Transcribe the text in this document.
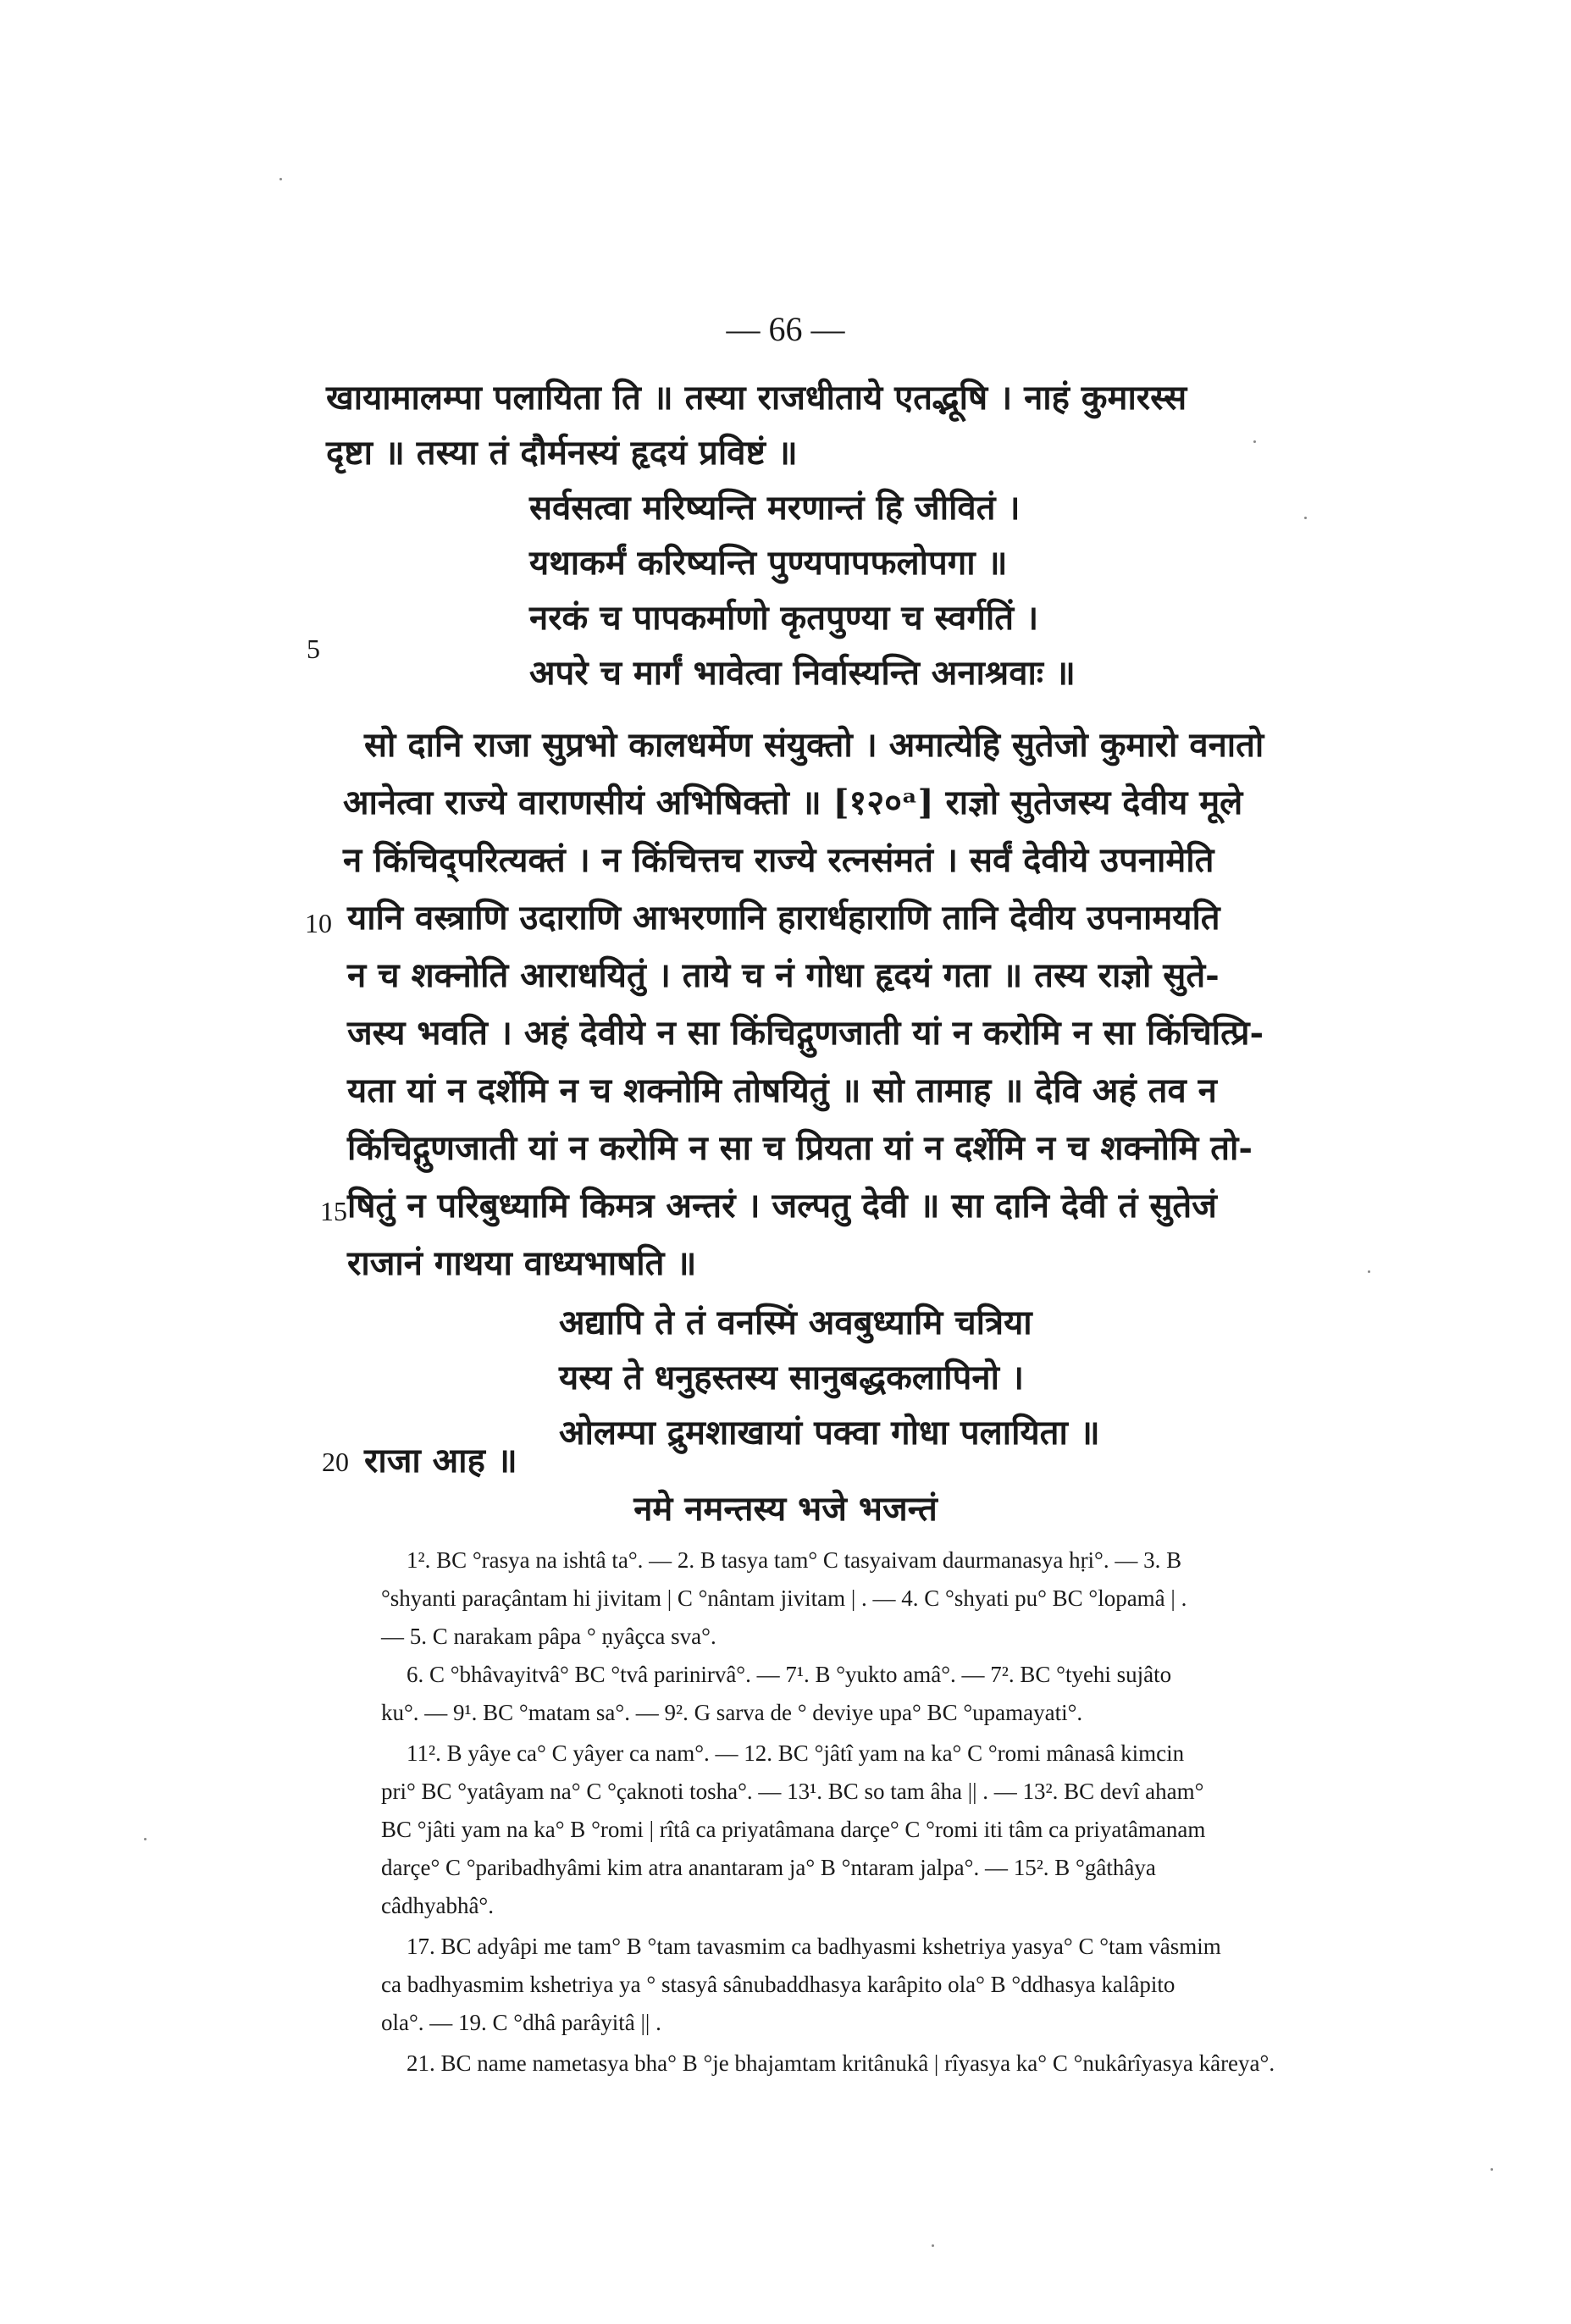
— 66 —
खायामालम्पा पलायिता ति ॥ तस्या राजधीताये एतद्भूषि । नाहं कुमारस्स
दृष्टा ॥ तस्या तं दौर्मनस्यं हृदयं प्रविष्टं ॥
सर्वसत्वा मरिष्यन्ति मरणान्तं हि जीवितं ।
यथाकर्मं करिष्यन्ति पुण्यपापफलोपगा ॥
नरकं च पापकर्माणो कृतपुण्या च स्वर्गतिं ।
अपरे च मार्गं भावेत्वा निर्वास्यन्ति अनाश्रवाः ॥
सो दानि राजा सुप्रभो कालधर्मेण संयुक्तो । अमात्येहि सुतेजो कुमारो वनातो
आनेत्वा राज्ये वाराणसीयं अभिषिक्तो ॥ [१२०ᵃ] राज्ञो सुतेजस्य देवीय मूले
न किंचिद्परित्यक्तं । न किंचित्तच राज्ये रत्नसंमतं । सर्वं देवीये उपनामेति
यानि वस्त्राणि उदाराणि आभरणानि हारार्धहाराणि तानि देवीय उपनामयति
न च शक्नोति आराधयितुं । ताये च नं गोधा हृदयं गता ॥ तस्य राज्ञो सुते-
जस्य भवति । अहं देवीये न सा किंचिद्गुणजाती यां न करोमि न सा किंचित्प्रि-
यता यां न दर्शेमि न च शक्नोमि तोषयितुं ॥ सो तामाह ॥ देवि अहं तव न
किंचिद्गुणजाती यां न करोमि न सा च प्रियता यां न दर्शेमि न च शक्नोमि तो-
षितुं न परिबुध्यामि किमत्र अन्तरं । जल्पतु देवी ॥ सा दानि देवी तं सुतेजं
राजानं गाथया वाध्यभाषति ॥
अद्यापि ते तं वनस्मिं अवबुध्यामि चत्रिया
यस्य ते धनुहस्तस्य सानुबद्धकलापिनो ।
ओलम्पा द्रुमशाखायां पक्वा गोधा पलायिता ॥
राजा आह ॥
5
10
15
20
नमे नमन्तस्य भजे भजन्तं
1². BC °rasya na ishtâ ta°. — 2. B tasya tam° C tasyaivam daurmanasya hṛi°. — 3. B
°shyanti paraçântam hi jivitam | C °nântam jivitam | . — 4. C °shyati pu° BC °lopamâ | .
— 5. C narakam pâpa ° ṇyâçca sva°.
6. C °bhâvayitvâ° BC °tvâ parinirvâ°. — 7¹. B °yukto amâ°. — 7². BC °tyehi sujâto
ku°. — 9¹. BC °matam sa°. — 9². G sarva de ° deviye upa° BC °upamayati°.
11². B yâye ca° C yâyer ca nam°. — 12. BC °jâtî yam na ka° C °romi mânasâ kimcin
pri° BC °yatâyam na° C °çaknoti tosha°. — 13¹. BC so tam âha || . — 13². BC devî aham°
BC °jâti yam na ka° B °romi | rîtâ ca priyatâmana darçe° C °romi iti tâm ca priyatâmanam
darçe° C °paribadhyâmi kim atra anantaram ja° B °ntaram jalpa°. — 15². B °gâthâya
câdhyabhâ°.
17. BC adyâpi me tam° B °tam tavasmim ca badhyasmi kshetriya yasya° C °tam vâsmim
ca badhyasmim kshetriya ya ° stasyâ sânubaddhasya karâpito ola° B °ddhasya kalâpito
ola°. — 19. C °dhâ parâyitâ || .
21. BC name nametasya bha° B °je bhajamtam kritânukâ | rîyasya ka° C °nukârîyasya kâreya°.
